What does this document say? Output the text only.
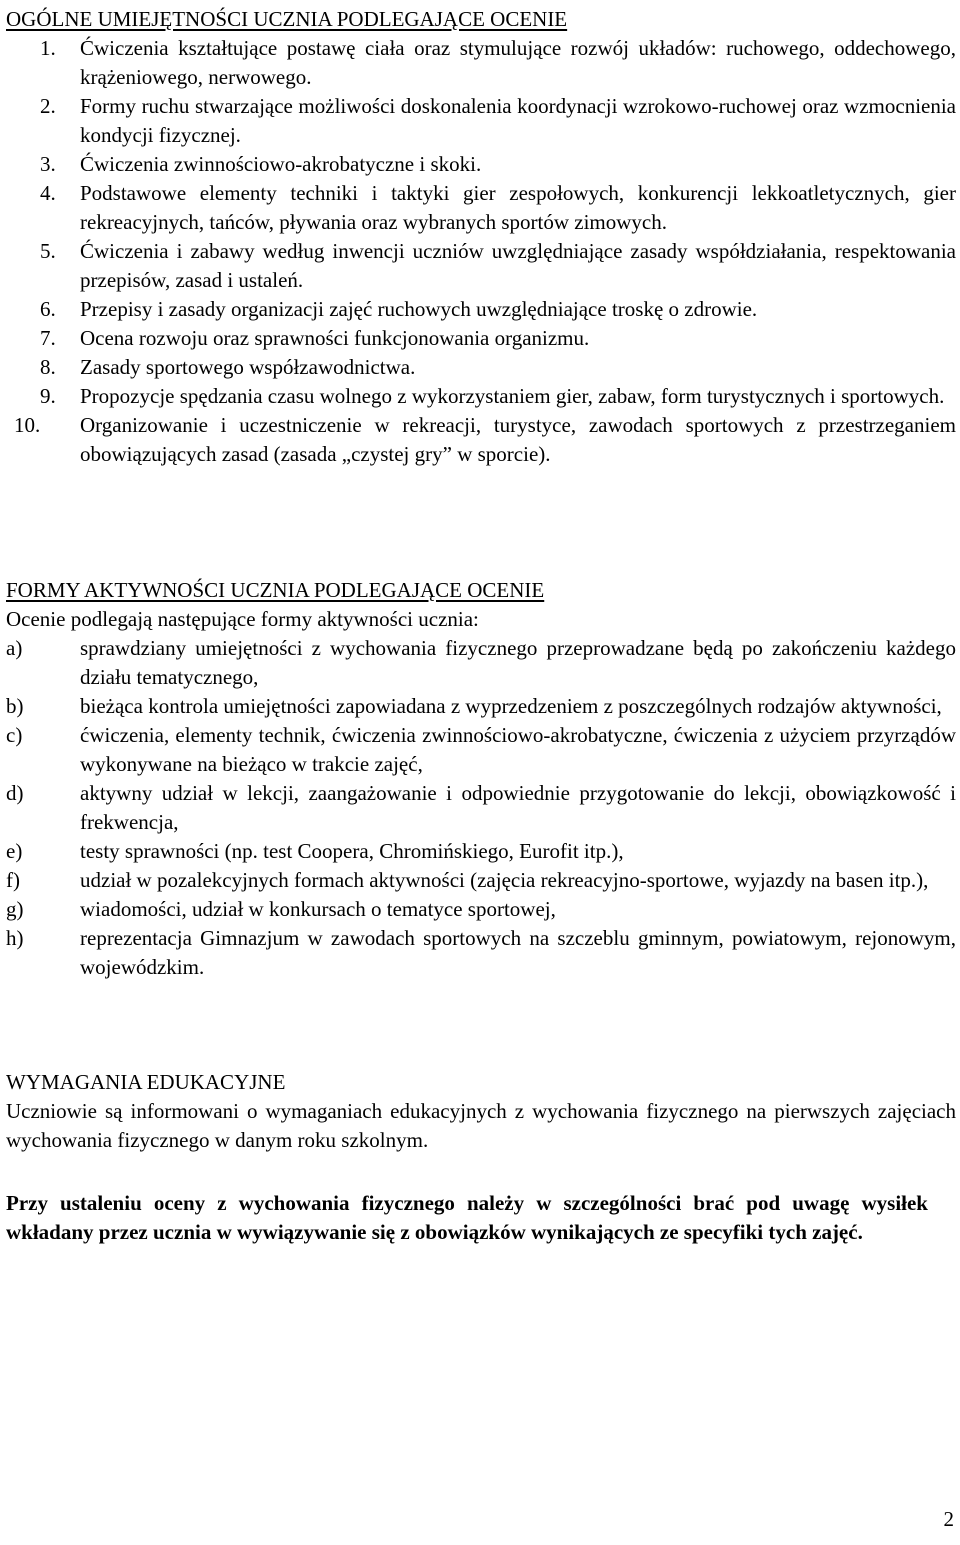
OGÓLNE UMIEJĘTNOŚCI UCZNIA PODLEGAJĄCE OCENIE
1. Ćwiczenia kształtujące postawę ciała oraz stymulujące rozwój układów: ruchowego, oddechowego, krążeniowego, nerwowego.
2. Formy ruchu stwarzające możliwości doskonalenia koordynacji wzrokowo-ruchowej oraz wzmocnienia kondycji fizycznej.
3. Ćwiczenia zwinnościowo-akrobatyczne i skoki.
4. Podstawowe elementy techniki i taktyki gier zespołowych, konkurencji lekkoatletycznych, gier rekreacyjnych, tańców, pływania oraz wybranych sportów zimowych.
5. Ćwiczenia i zabawy według inwencji uczniów uwzględniające zasady współdziałania, respektowania przepisów, zasad i ustaleń.
6. Przepisy i zasady organizacji zajęć ruchowych uwzględniające troskę o zdrowie.
7. Ocena rozwoju oraz sprawności funkcjonowania organizmu.
8. Zasady sportowego współzawodnictwa.
9. Propozycje spędzania czasu wolnego z wykorzystaniem gier, zabaw, form turystycznych i sportowych.
10. Organizowanie i uczestniczenie w rekreacji, turystyce, zawodach sportowych z przestrzeganiem obowiązujących zasad (zasada „czystej gry” w sporcie).
FORMY AKTYWNOŚCI UCZNIA PODLEGAJĄCE OCENIE

Ocenie podlegają następujące formy aktywności ucznia:

a)	sprawdziany umiejętności z wychowania fizycznego przeprowadzane będą po zakończeniu każdego działu tematycznego,
b)	bieżąca kontrola umiejętności zapowiadana z wyprzedzeniem z poszczególnych rodzajów aktywności,
c)	ćwiczenia, elementy technik, ćwiczenia zwinnościowo-akrobatyczne, ćwiczenia z użyciem przyrządów wykonywane na bieżąco w trakcie zajęć,
d)	aktywny udział w lekcji, zaangażowanie i odpowiednie przygotowanie do lekcji, obowiązkowość i frekwencja,
e)	testy sprawności (np. test Coopera, Chromińskiego, Eurofit itp.),
f)	udział w pozalekcyjnych formach aktywności (zajęcia rekreacyjno-sportowe, wyjazdy na basen itp.),
g)	wiadomości, udział w konkursach o tematyce sportowej,
h)	reprezentacja Gimnazjum w zawodach sportowych na szczeblu gminnym, powiatowym, rejonowym, wojewódzkim.
WYMAGANIA EDUKACYJNE

Uczniowie są informowani o wymaganiach edukacyjnych z wychowania fizycznego na pierwszych zajęciach wychowania fizycznego w danym roku szkolnym.

Przy ustaleniu oceny z wychowania fizycznego należy w szczególności brać pod uwagę wysiłek wkładany przez ucznia w wywiązywanie się z obowiązków wynikających ze specyfiki tych zajęć.

2
